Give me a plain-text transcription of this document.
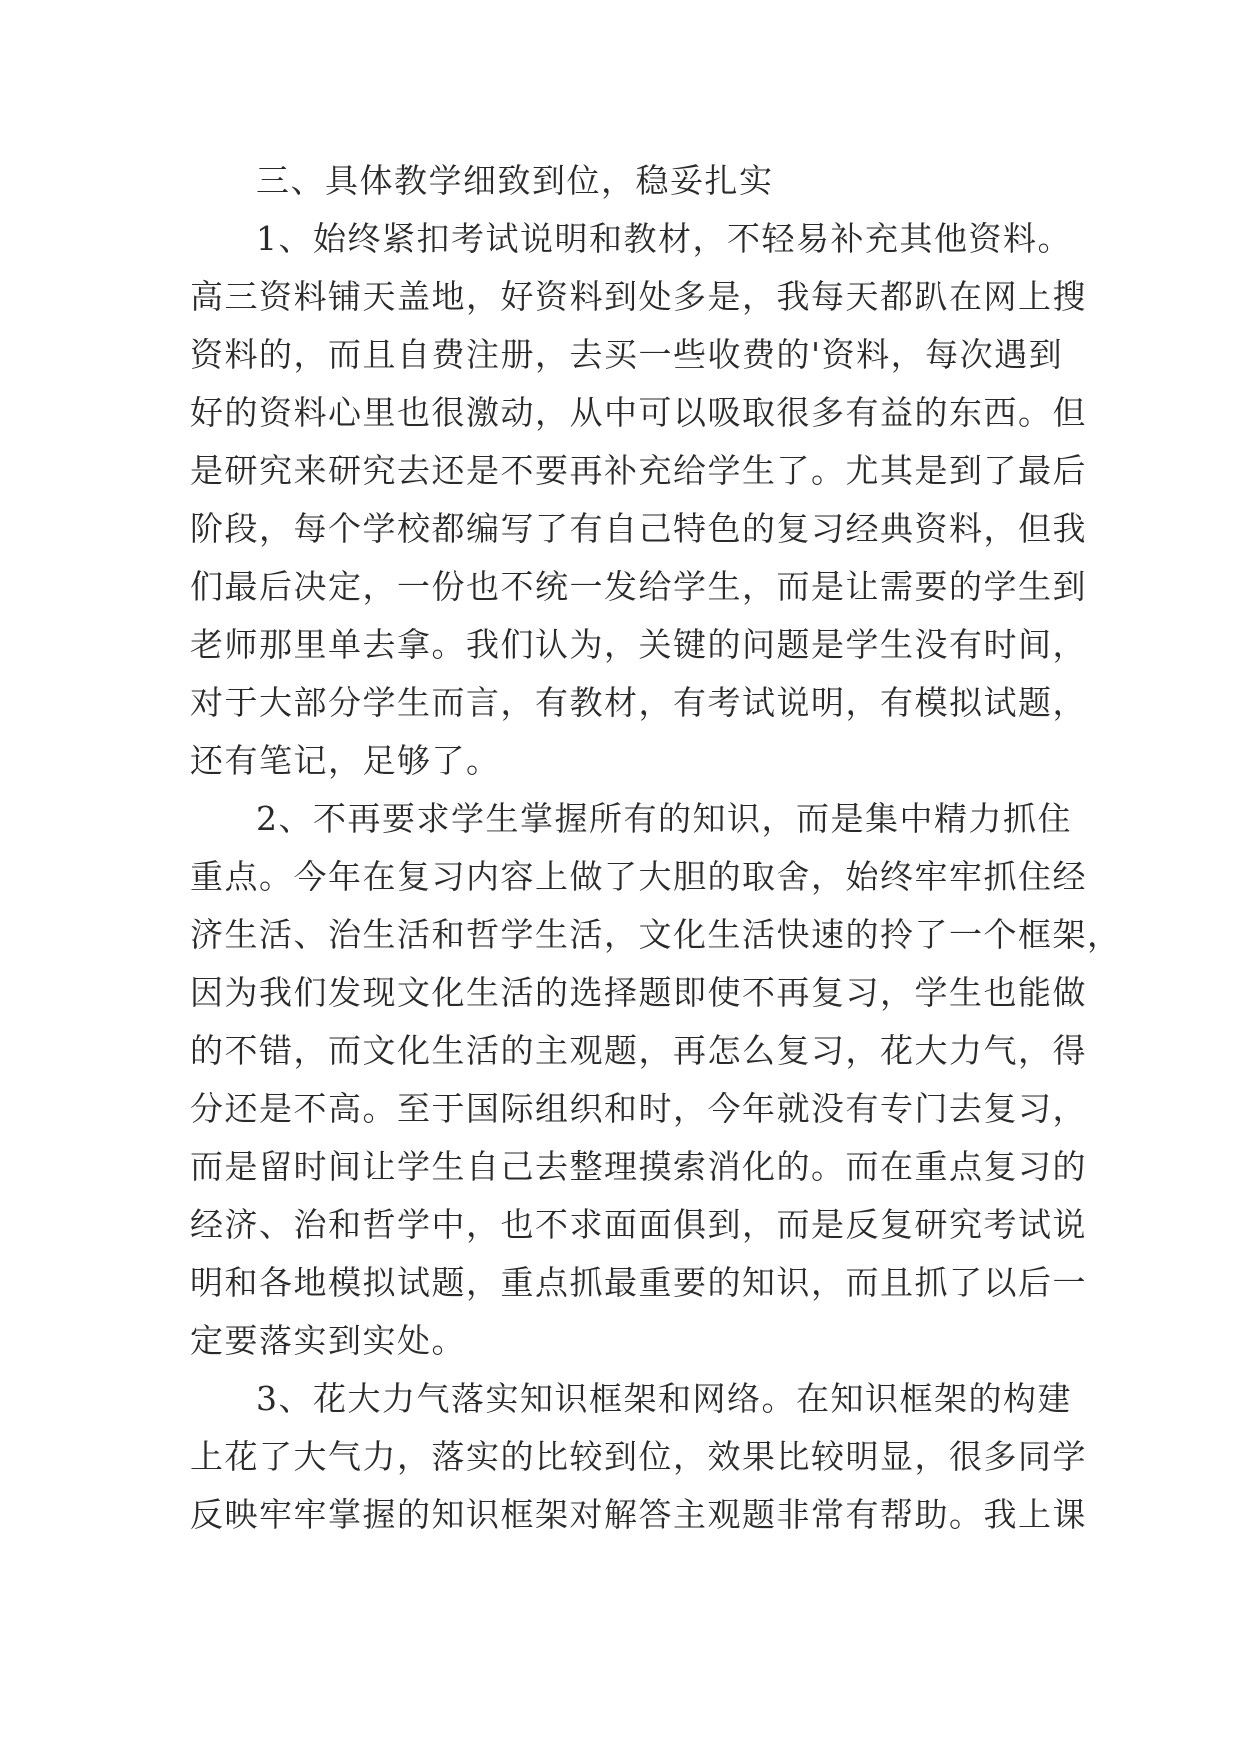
三、具体教学细致到位，稳妥扎实
1、始终紧扣考试说明和教材，不轻易补充其他资料。
高三资料铺天盖地，好资料到处多是，我每天都趴在网上搜
资料的，而且自费注册，去买一些收费的'资料，每次遇到
好的资料心里也很激动，从中可以吸取很多有益的东西。但
是研究来研究去还是不要再补充给学生了。尤其是到了最后
阶段，每个学校都编写了有自己特色的复习经典资料，但我
们最后决定，一份也不统一发给学生，而是让需要的学生到
老师那里单去拿。我们认为，关键的问题是学生没有时间，
对于大部分学生而言，有教材，有考试说明，有模拟试题，
还有笔记，足够了。
2、不再要求学生掌握所有的知识，而是集中精力抓住
重点。今年在复习内容上做了大胆的取舍，始终牢牢抓住经
济生活、治生活和哲学生活，文化生活快速的拎了一个框架，
因为我们发现文化生活的选择题即使不再复习，学生也能做
的不错，而文化生活的主观题，再怎么复习，花大力气，得
分还是不高。至于国际组织和时，今年就没有专门去复习，
而是留时间让学生自己去整理摸索消化的。而在重点复习的
经济、治和哲学中，也不求面面俱到，而是反复研究考试说
明和各地模拟试题，重点抓最重要的知识，而且抓了以后一
定要落实到实处。
3、花大力气落实知识框架和网络。在知识框架的构建
上花了大气力，落实的比较到位，效果比较明显，很多同学
反映牢牢掌握的知识框架对解答主观题非常有帮助。我上课
